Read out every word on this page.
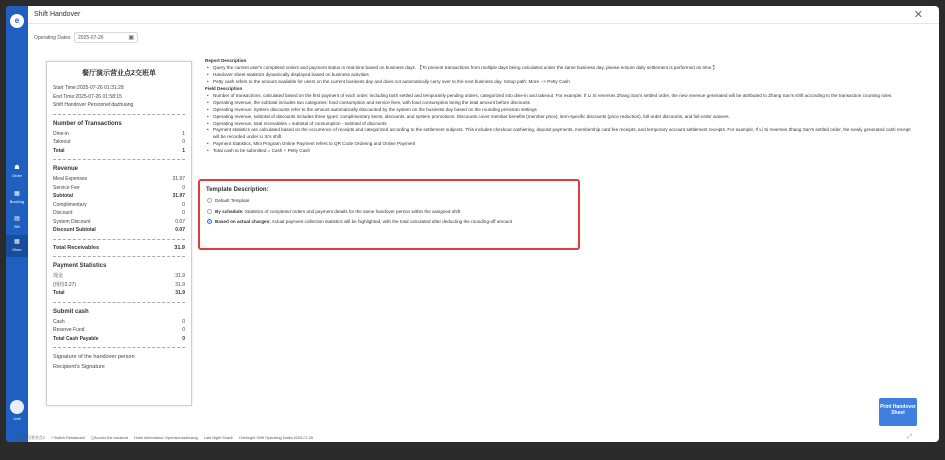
e
☗
Order
▦
Booking
▤
Bill
▦
More
Unit
Shift Handover	✕
Operating Dates	2025-07-26	▣
餐厅演示营业点2交班单
Start Time:2025-07-26 01:31:28
End Time:2025-07-26 01:58:15
Shift Handover Personnel:dazhuang
Number of Transactions
Dine-in	1
Takeout	0
Total	1
Revenue
Meal Expenses	31.97
Service Fee	0
Subtotal	31.97
Complimentary	0
Discount	0
System Discount	0.07
Discount Subtotal	0.07
Total Receivables	31.9
Payment Statistics
现金	31.9
(现结3.27)	31.9
Total	31.9
Submit cash
Cash	0
Reserve Fund	0
Total Cash Payable	0
Signature of the handover person
Recipient's Signature
Report Description
• Query the current user's completed orders and payment status in real-time based on business days. 【To prevent transactions from multiple days being calculated under the same business day, please ensure daily settlement is performed on time.】
• Handover sheet statistics dynamically displayed based on business activities
• Petty cash refers to the amount available for users on the current business day and does not automatically carry over to the next business day. Setup path: More --> Petty Cash
Field Description
• Number of transactions, calculated based on the first payment of each order, including both settled and temporarily pending orders, categorized into dine-in and takeout. For example: If Li Si reverses Zhang San's settled order, the new revenue generated will be attributed to Zhang San's shift according to the transaction counting rules.
• Operating revenue, the subtotal includes two categories: food consumption and service fees, with food consumption being the total amount before discounts
• Operating revenue: System discounts refer to the amount automatically discounted by the system on the business day based on the rounding precision settings
• Operating revenue, subtotal of discounts includes three types: complimentary items, discounts, and system promotions. Discounts cover member benefits (member price), item-specific discounts (price reduction), full-order discounts, and full-order waivers.
• Operating revenue, total receivables = subtotal of consumption - subtotal of discounts
• Payment statistics are calculated based on the occurrence of receipts and categorized according to the settlement subjects. This includes checkout cashiering, deposit payments, membership card fee receipts, and temporary account settlement receipts. For example, If Li Si reverses Zhang San's settled order, the newly generated cash receipt will be recorded under Li Si's shift.
• Payment Statistics, Mini Program Online Payment refers to QR Code Ordering and Online Payment
• Total cash to be submitted = Cash + Petty Cash
Template Description:
Default Template
By schedule: Statistics of completed orders and payment details for the same handover person within the assigned shift
Based on actual charges: Actual payment collection statistics will be highlighted, with the total calculated after deducting the rounding-off amount
Print Handover Sheet
餐厅演示营业点2 ✓Switch Restaurant ◻Access the backend Hotel Information: Operator:dazhuang Late Night Snack Overnight Shift Operating Dates:2025-07-26	⤢
